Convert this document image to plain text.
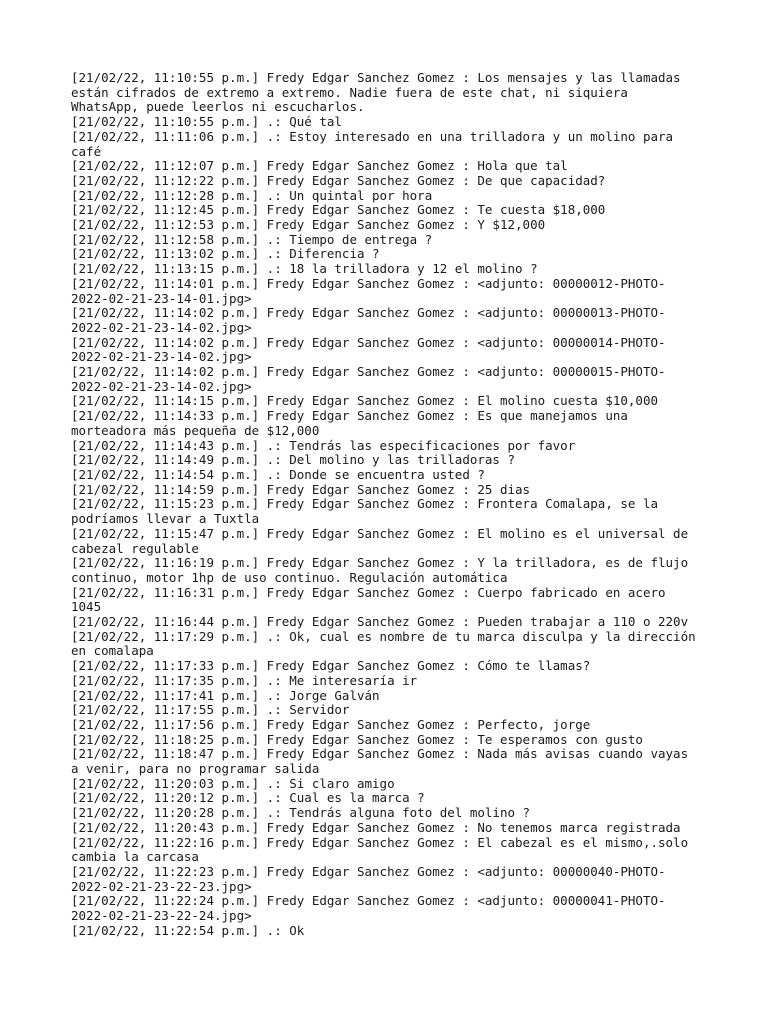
[21/02/22, 11:10:55 p.m.] Fredy Edgar Sanchez Gomez : Los mensajes y las llamadas
están cifrados de extremo a extremo. Nadie fuera de este chat, ni siquiera
WhatsApp, puede leerlos ni escucharlos.
[21/02/22, 11:10:55 p.m.] .: Qué tal
[21/02/22, 11:11:06 p.m.] .: Estoy interesado en una trilladora y un molino para
café
[21/02/22, 11:12:07 p.m.] Fredy Edgar Sanchez Gomez : Hola que tal
[21/02/22, 11:12:22 p.m.] Fredy Edgar Sanchez Gomez : De que capacidad?
[21/02/22, 11:12:28 p.m.] .: Un quintal por hora
[21/02/22, 11:12:45 p.m.] Fredy Edgar Sanchez Gomez : Te cuesta $18,000
[21/02/22, 11:12:53 p.m.] Fredy Edgar Sanchez Gomez : Y $12,000
[21/02/22, 11:12:58 p.m.] .: Tiempo de entrega ?
[21/02/22, 11:13:02 p.m.] .: Diferencia ?
[21/02/22, 11:13:15 p.m.] .: 18 la trilladora y 12 el molino ?
[21/02/22, 11:14:01 p.m.] Fredy Edgar Sanchez Gomez : <adjunto: 00000012-PHOTO-
2022-02-21-23-14-01.jpg>
[21/02/22, 11:14:02 p.m.] Fredy Edgar Sanchez Gomez : <adjunto: 00000013-PHOTO-
2022-02-21-23-14-02.jpg>
[21/02/22, 11:14:02 p.m.] Fredy Edgar Sanchez Gomez : <adjunto: 00000014-PHOTO-
2022-02-21-23-14-02.jpg>
[21/02/22, 11:14:02 p.m.] Fredy Edgar Sanchez Gomez : <adjunto: 00000015-PHOTO-
2022-02-21-23-14-02.jpg>
[21/02/22, 11:14:15 p.m.] Fredy Edgar Sanchez Gomez : El molino cuesta $10,000
[21/02/22, 11:14:33 p.m.] Fredy Edgar Sanchez Gomez : Es que manejamos una
morteadora más pequeña de $12,000
[21/02/22, 11:14:43 p.m.] .: Tendrás las especificaciones por favor
[21/02/22, 11:14:49 p.m.] .: Del molino y las trilladoras ?
[21/02/22, 11:14:54 p.m.] .: Donde se encuentra usted ?
[21/02/22, 11:14:59 p.m.] Fredy Edgar Sanchez Gomez : 25 dias
[21/02/22, 11:15:23 p.m.] Fredy Edgar Sanchez Gomez : Frontera Comalapa, se la
podríamos llevar a Tuxtla
[21/02/22, 11:15:47 p.m.] Fredy Edgar Sanchez Gomez : El molino es el universal de
cabezal regulable
[21/02/22, 11:16:19 p.m.] Fredy Edgar Sanchez Gomez : Y la trilladora, es de flujo
continuo, motor 1hp de uso continuo. Regulación automática
[21/02/22, 11:16:31 p.m.] Fredy Edgar Sanchez Gomez : Cuerpo fabricado en acero
1045
[21/02/22, 11:16:44 p.m.] Fredy Edgar Sanchez Gomez : Pueden trabajar a 110 o 220v
[21/02/22, 11:17:29 p.m.] .: Ok, cual es nombre de tu marca disculpa y la dirección
en comalapa
[21/02/22, 11:17:33 p.m.] Fredy Edgar Sanchez Gomez : Cómo te llamas?
[21/02/22, 11:17:35 p.m.] .: Me interesaría ir
[21/02/22, 11:17:41 p.m.] .: Jorge Galván
[21/02/22, 11:17:55 p.m.] .: Servidor
[21/02/22, 11:17:56 p.m.] Fredy Edgar Sanchez Gomez : Perfecto, jorge
[21/02/22, 11:18:25 p.m.] Fredy Edgar Sanchez Gomez : Te esperamos con gusto
[21/02/22, 11:18:47 p.m.] Fredy Edgar Sanchez Gomez : Nada más avisas cuando vayas
a venir, para no programar salida
[21/02/22, 11:20:03 p.m.] .: Si claro amigo
[21/02/22, 11:20:12 p.m.] .: Cual es la marca ?
[21/02/22, 11:20:28 p.m.] .: Tendrás alguna foto del molino ?
[21/02/22, 11:20:43 p.m.] Fredy Edgar Sanchez Gomez : No tenemos marca registrada
[21/02/22, 11:22:16 p.m.] Fredy Edgar Sanchez Gomez : El cabezal es el mismo,.solo
cambia la carcasa
[21/02/22, 11:22:23 p.m.] Fredy Edgar Sanchez Gomez : <adjunto: 00000040-PHOTO-
2022-02-21-23-22-23.jpg>
[21/02/22, 11:22:24 p.m.] Fredy Edgar Sanchez Gomez : <adjunto: 00000041-PHOTO-
2022-02-21-23-22-24.jpg>
[21/02/22, 11:22:54 p.m.] .: Ok
